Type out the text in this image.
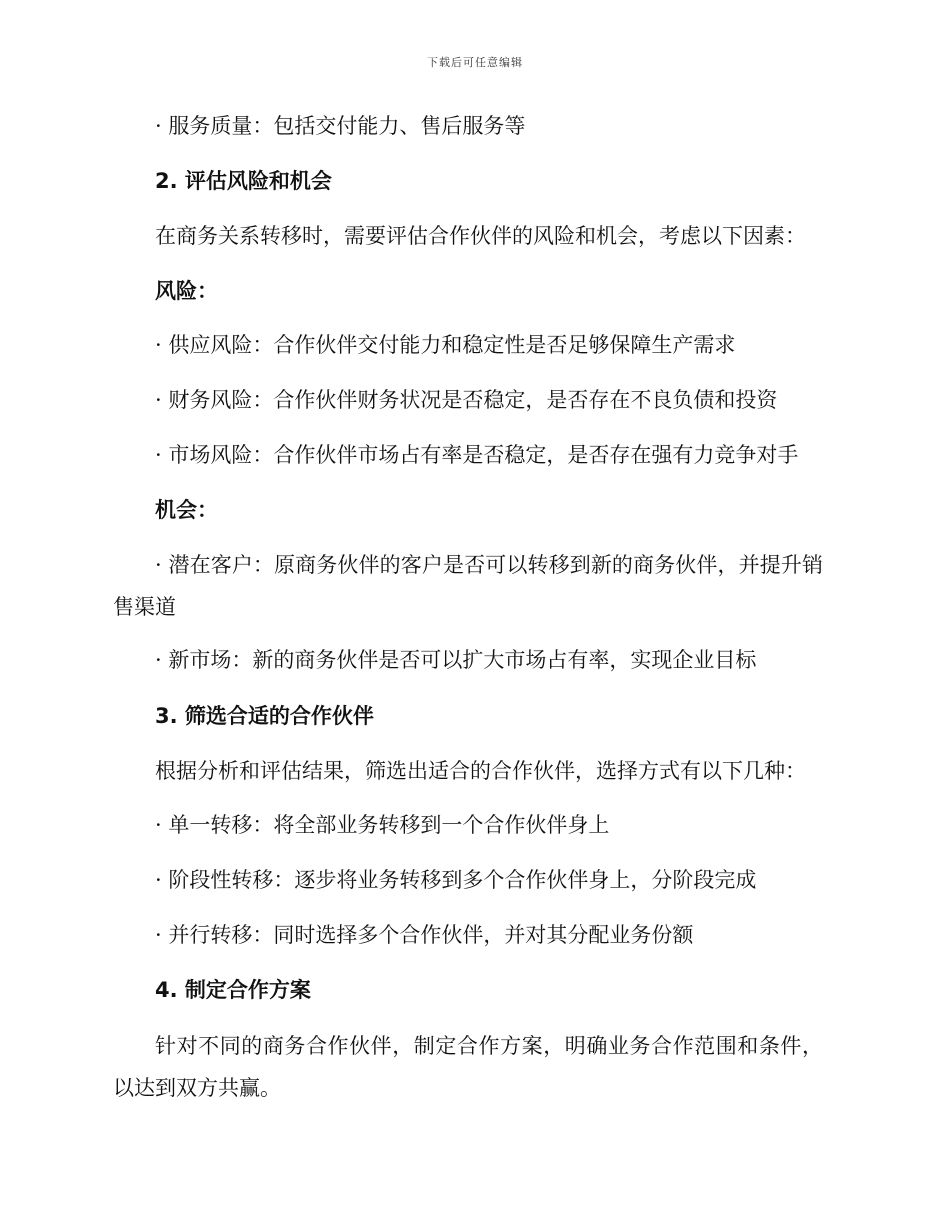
下载后可任意编辑
· 服务质量：包括交付能力、售后服务等
2. 评估风险和机会
在商务关系转移时，需要评估合作伙伴的风险和机会，考虑以下因素：
风险：
· 供应风险：合作伙伴交付能力和稳定性是否足够保障生产需求
· 财务风险：合作伙伴财务状况是否稳定，是否存在不良负债和投资
· 市场风险：合作伙伴市场占有率是否稳定，是否存在强有力竞争对手
机会：
· 潜在客户：原商务伙伴的客户是否可以转移到新的商务伙伴，并提升销售渠道
· 新市场：新的商务伙伴是否可以扩大市场占有率，实现企业目标
3. 筛选合适的合作伙伴
根据分析和评估结果，筛选出适合的合作伙伴，选择方式有以下几种：
· 单一转移：将全部业务转移到一个合作伙伴身上
· 阶段性转移：逐步将业务转移到多个合作伙伴身上，分阶段完成
· 并行转移：同时选择多个合作伙伴，并对其分配业务份额
4. 制定合作方案
针对不同的商务合作伙伴，制定合作方案，明确业务合作范围和条件，以达到双方共赢。
